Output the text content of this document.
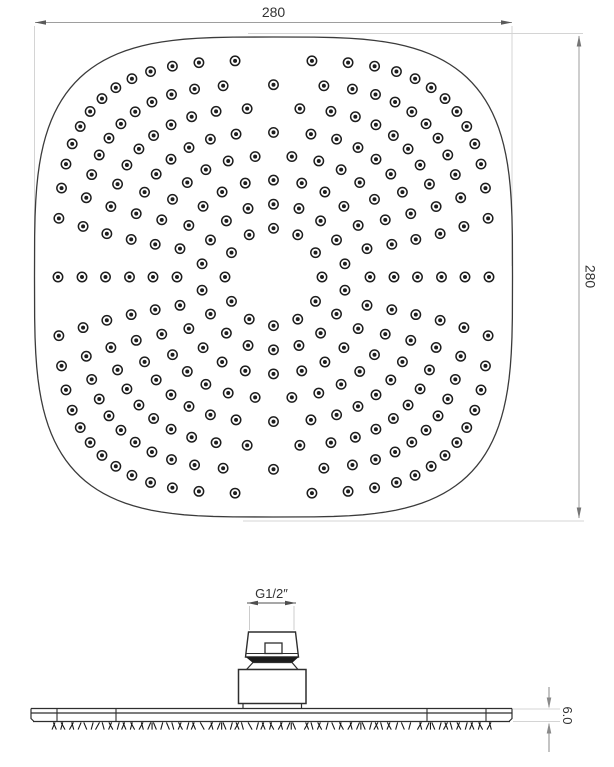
280
280
G1/2″
6.0
